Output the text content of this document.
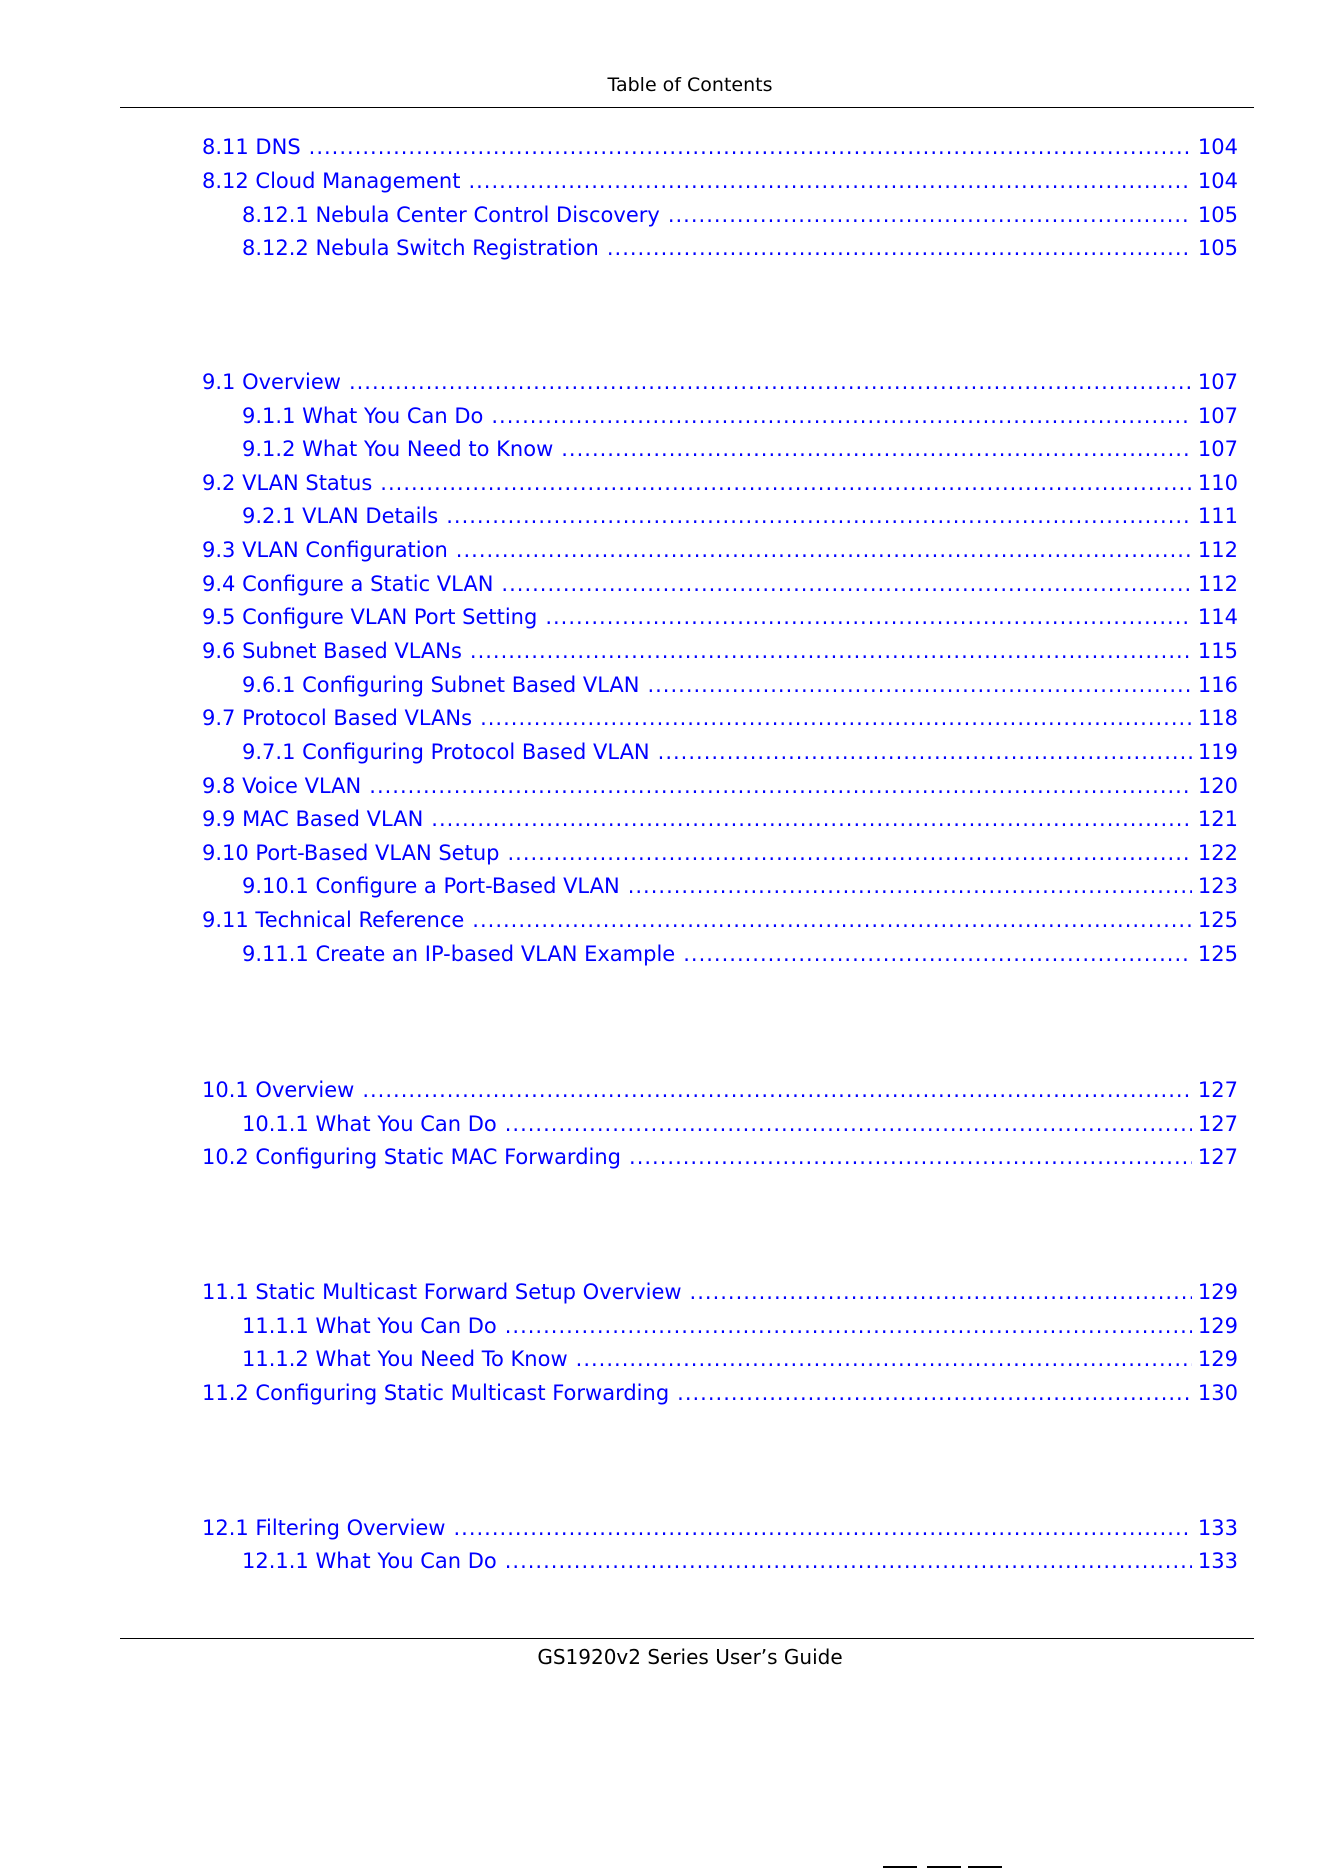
Table of Contents
8.11 DNS .....	104
8.12 Cloud Management .....	104
8.12.1 Nebula Center Control Discovery .....	105
8.12.2 Nebula Switch Registration .....	105
9.1 Overview .....	107
9.1.1 What You Can Do .....	107
9.1.2 What You Need to Know .....	107
9.2 VLAN Status .....	110
9.2.1 VLAN Details .....	111
9.3 VLAN Configuration .....	112
9.4 Configure a Static VLAN .....	112
9.5 Configure VLAN Port Setting .....	114
9.6 Subnet Based VLANs .....	115
9.6.1 Configuring Subnet Based VLAN .....	116
9.7 Protocol Based VLANs .....	118
9.7.1 Configuring Protocol Based VLAN .....	119
9.8 Voice VLAN .....	120
9.9 MAC Based VLAN .....	121
9.10 Port-Based VLAN Setup .....	122
9.10.1 Configure a Port-Based VLAN .....	123
9.11 Technical Reference .....	125
9.11.1 Create an IP-based VLAN Example .....	125
10.1 Overview .....	127
10.1.1 What You Can Do .....	127
10.2 Configuring Static MAC Forwarding .....	127
11.1 Static Multicast Forward Setup Overview .....	129
11.1.1 What You Can Do .....	129
11.1.2 What You Need To Know .....	129
11.2 Configuring Static Multicast Forwarding .....	130
12.1 Filtering Overview .....	133
12.1.1 What You Can Do .....	133
GS1920v2 Series User’s Guide
